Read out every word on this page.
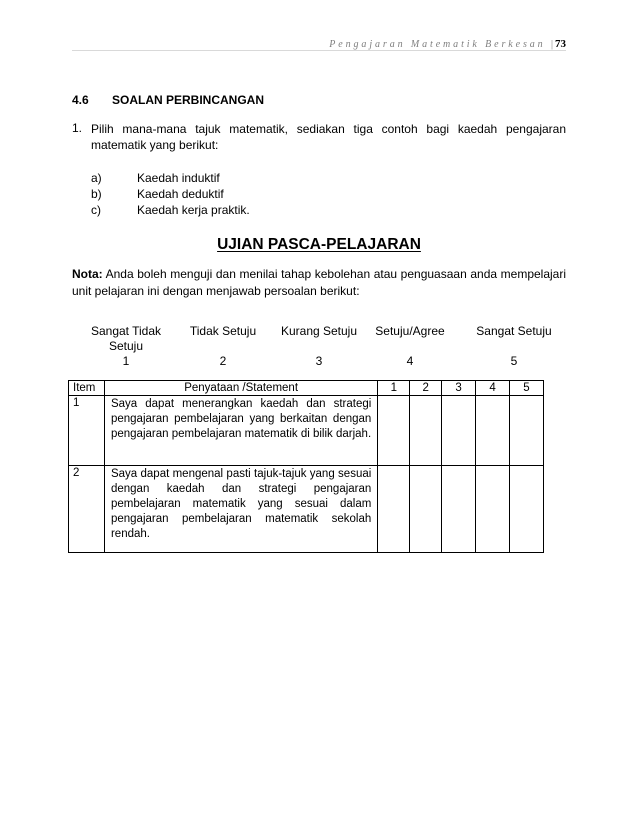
Pengajaran Matematik Berkesan | 73
4.6 SOALAN PERBINCANGAN
1. Pilih mana-mana tajuk matematik, sediakan tiga contoh bagi kaedah pengajaran matematik yang berikut:
a)	Kaedah induktif
b)	Kaedah deduktif
c)	Kaedah kerja praktik.
UJIAN PASCA-PELAJARAN
Nota: Anda boleh menguji dan menilai tahap kebolehan atau penguasaan anda mempelajari unit pelajaran ini dengan menjawab persoalan berikut:
Sangat Tidak
Setuju
1
Tidak Setuju

2
Kurang Setuju

3
Setuju/Agree

4
Sangat Setuju

5
Item	Penyataan /Statement	1	2	3	4	5
1	Saya dapat menerangkan kaedah dan strategi pengajaran pembelajaran yang berkaitan dengan pengajaran pembelajaran matematik di bilik darjah.					
2	Saya dapat mengenal pasti tajuk-tajuk yang sesuai dengan kaedah dan strategi pengajaran pembelajaran matematik yang sesuai dalam pengajaran pembelajaran matematik sekolah rendah.					
